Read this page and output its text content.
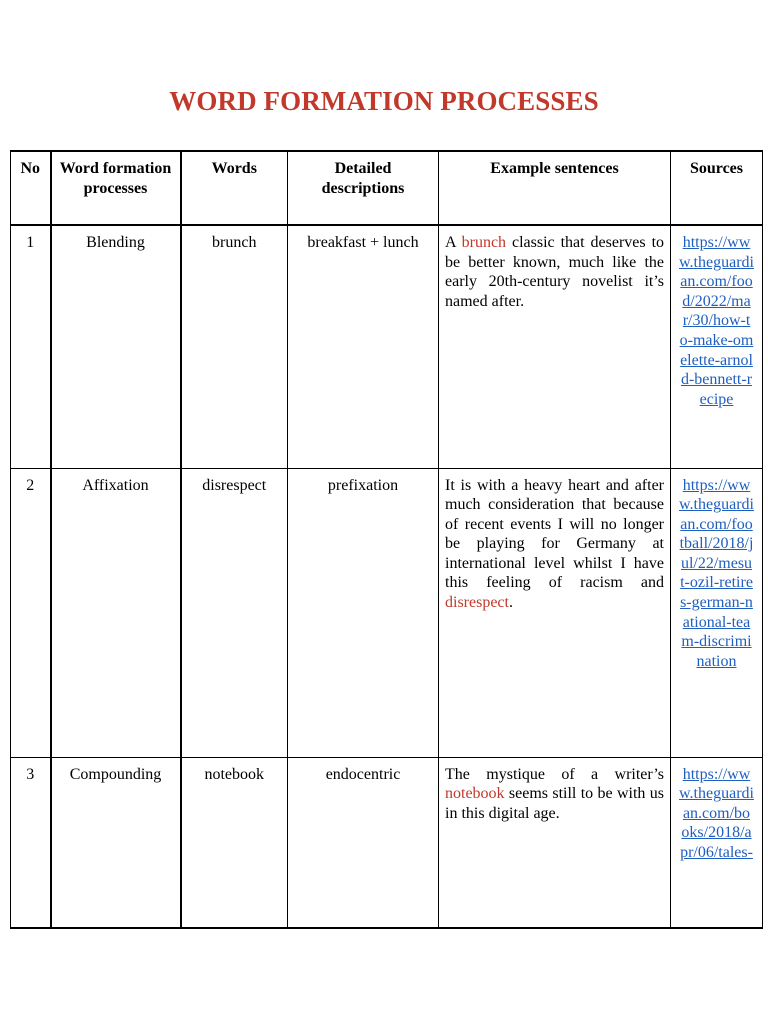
WORD FORMATION PROCESSES
No	Word formation processes	Words	Detailed descriptions	Example sentences	Sources
1	Blending	brunch	breakfast + lunch	A brunch classic that deserves to be better known, much like the early 20th-century novelist it’s named after.	https://www.theguardian.com/food/2022/mar/30/how-to-make-omelette-arnold-bennett-recipe

2	Affixation	disrespect	prefixation	It is with a heavy heart and after much consideration that because of recent events I will no longer be playing for Germany at international level whilst I have this feeling of racism and disrespect.	https://www.theguardian.com/football/2018/jul/22/mesut-ozil-retires-german-national-team-discrimination

3	Compounding	notebook	endocentric	The mystique of a writer’s notebook seems still to be with us in this digital age.	https://www.theguardian.com/books/2018/apr/06/tales-
